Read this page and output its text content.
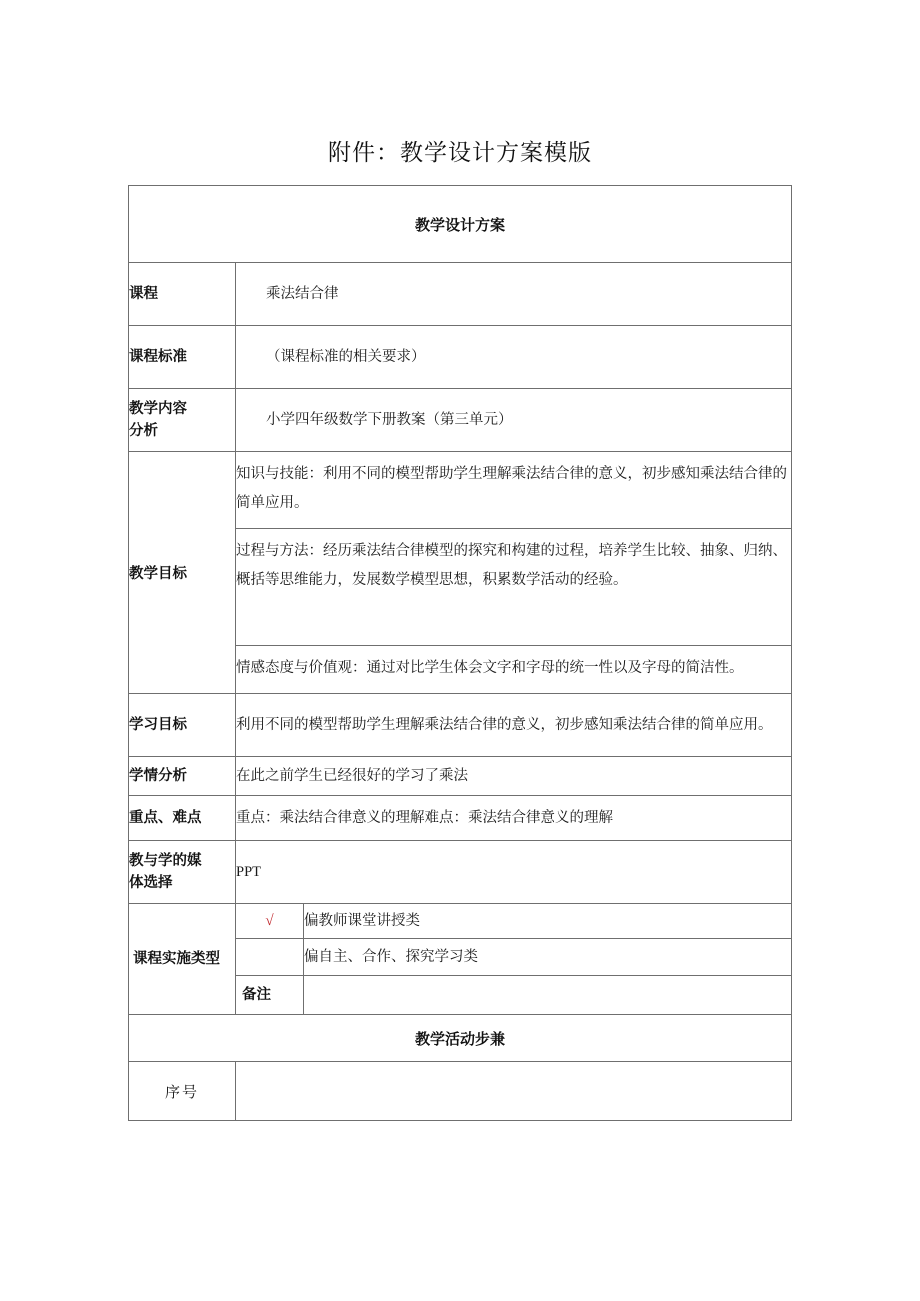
附件：教学设计方案模版
教学设计方案		
课程	乘法结合律	
课程标准	（课程标准的相关要求）	

教学内容
分析	小学四年级数学下册教案（第三单元）	
教学目标	知识与技能：利用不同的模型帮助学生理解乘法结合律的意义，初步感知乘法结合律的简单应用。	
	过程与方法：经历乘法结合律模型的探究和构建的过程，培养学生比较、抽象、归纳、概括等思维能力，发展数学模型思想，积累数学活动的经验。	
	情感态度与价值观：通过对比学生体会文字和字母的统一性以及字母的简洁性。	
学习目标	利用不同的模型帮助学生理解乘法结合律的意义，初步感知乘法结合律的简单应用。	
学情分析	在此之前学生已经很好的学习了乘法	
重点、难点	重点：乘法结合律意义的理解难点：乘法结合律意义的理解	

教与学的媒
体选择	PPT	
课程实施类型	√	偏教师课堂讲授类
		偏自主、合作、探究学习类
	备注	
教学活动步兼		
序号		
